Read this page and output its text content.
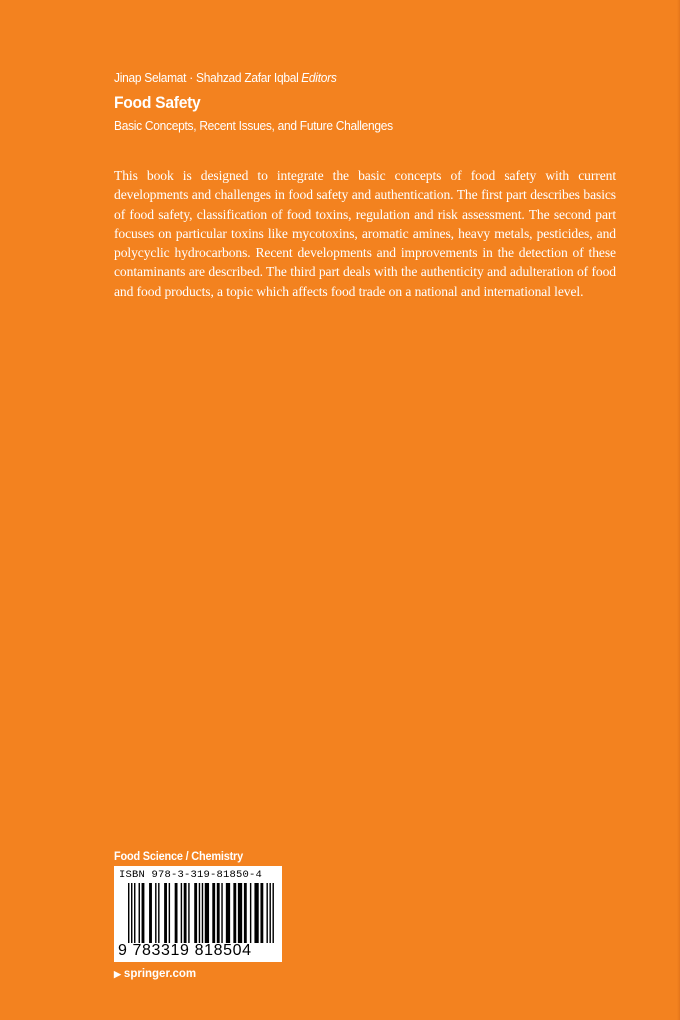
Jinap Selamat · Shahzad Zafar Iqbal Editors
Food Safety
Basic Concepts, Recent Issues, and Future Challenges

This book is designed to integrate the basic concepts of food safety with current developments and challenges in food safety and authentication. The first part describes basics of food safety, classification of food toxins, regulation and risk assessment. The second part focuses on particular toxins like mycotoxins, aromatic amines, heavy metals, pesticides, and polycyclic hydrocarbons. Recent developments and improvements in the detection of these contaminants are described. The third part deals with the authenticity and adulteration of food and food products, a topic which affects food trade on a national and international level.

Food Science / Chemistry
ISBN 978-3-319-81850-4
9 783319 818504
▶ springer.com
